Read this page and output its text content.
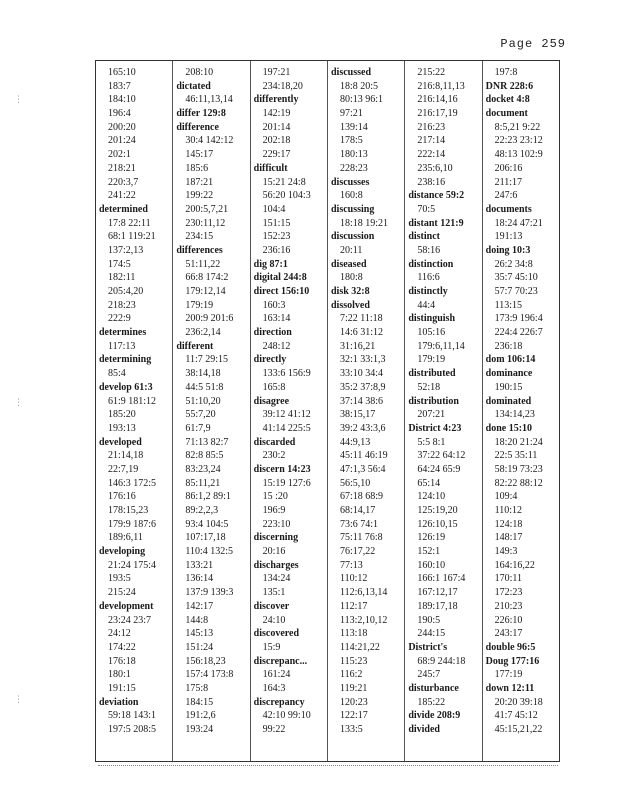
Page 259
165:10
183:7
184:10
196:4
200:20
201:24
202:1
218:21
220:3,7
241:22
determined
17:8 22:11
68:1 119:21
137:2,13
174:5
182:11
205:4,20
218:23
222:9
determines
117:13
determining
85:4
develop 61:3
61:9 181:12
185:20
193:13
developed
21:14,18
22:7,19
146:3 172:5
176:16
178:15,23
179:9 187:6
189:6,11
developing
21:24 175:4
193:5
215:24
development
23:24 23:7
24:12
174:22
176:18
180:1
191:15
deviation
59:18 143:1
197:5 208:5
208:10
dictated
46:11,13,14
differ 129:8
difference
30:4 142:12
145:17
185:6
187:21
199:22
200:5,7,21
230:11,12
234:15
differences
51:11,22
66:8 174:2
179:12,14
179:19
200:9 201:6
236:2,14
different
11:7 29:15
38:14,18
44:5 51:8
51:10,20
55:7,20
61:7,9
71:13 82:7
82:8 85:5
83:23,24
85:11,21
86:1,2 89:1
89:2,2,3
93:4 104:5
107:17,18
110:4 132:5
133:21
136:14
137:9 139:3
142:17
144:8
145:13
151:24
156:18,23
157:4 173:8
175:8
184:15
191:2,6
193:24
197:21
234:18,20
differently
142:19
201:14
202:18
229:17
difficult
15:21 24:8
56:20 104:3
104:4
151:15
152:23
236:16
dig 87:1
digital 244:8
direct 156:10
160:3
163:14
direction
248:12
directly
133:6 156:9
165:8
disagree
39:12 41:12
41:14 225:5
discarded
230:2
discern 14:23
15:19 127:6
15 :20
196:9
223:10
discerning
20:16
discharges
134:24
135:1
discover
24:10
discovered
15:9
discrepanc...
161:24
164:3
discrepancy
42:10 99:10
99:22
discussed
18:8 20:5
80:13 96:1
97:21
139:14
178:5
180:13
228:23
discusses
160:8
discussing
18:18 19:21
discussion
20:11
diseased
180:8
disk 32:8
dissolved
7:22 11:18
14:6 31:12
31:16,21
32:1 33:1,3
33:10 34:4
35:2 37:8,9
37:14 38:6
38:15,17
39:2 43:3,6
44:9,13
45:11 46:19
47:1,3 56:4
56:5,10
67:18 68:9
68:14,17
73:6 74:1
75:11 76:8
76:17,22
77:13
110:12
112:6,13,14
112:17
113:2,10,12
113:18
114:21,22
115:23
116:2
119:21
120:23
122:17
133:5
215:22
216:8,11,13
216:14,16
216:17,19
216:23
217:14
222:14
235:6,10
238:16
distance 59:2
70:5
distant 121:9
distinct
58:16
distinction
116:6
distinctly
44:4
distinguish
105:16
179:6,11,14
179:19
distributed
52:18
distribution
207:21
District 4:23
5:5 8:1
37:22 64:12
64:24 65:9
65:14
124:10
125:19,20
126:10,15
126:19
152:1
160:10
166:1 167:4
167:12,17
189:17,18
190:5
244:15
District's
68:9 244:18
245:7
disturbance
185:22
divide 208:9
divided
197:8
DNR 228:6
docket 4:8
document
8:5,21 9:22
22:23 23:12
48:13 102:9
206:16
211:17
247:6
documents
18:24 47:21
191:13
doing 10:3
26:2 34:8
35:7 45:10
57:7 70:23
113:15
173:9 196:4
224:4 226:7
236:18
dom 106:14
dominance
190:15
dominated
134:14,23
done 15:10
18:20 21:24
22:5 35:11
58:19 73:23
82:22 88:12
109:4
110:12
124:18
148:17
149:3
164:16,22
170:11
172:23
210:23
226:10
243:17
double 96:5
Doug 177:16
177:19
down 12:11
20:20 39:18
41:7 45:12
45:15,21,22
⋮
⋮
⋮
